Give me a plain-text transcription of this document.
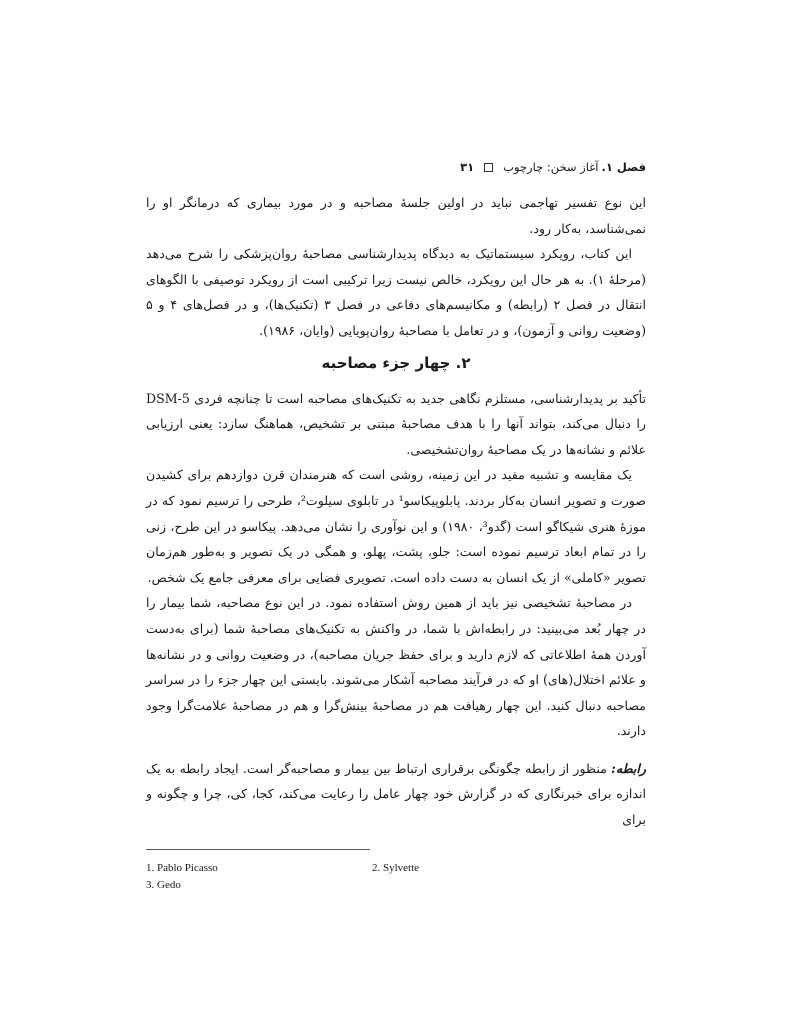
فصل ۱.
آغاز سخن: چارچوب
۳۱

این نوع تفسیر تهاجمی نباید در اولین جلسهٔ مصاحبه و در مورد بیماری که درمانگر او را نمی‌شناسد، به‌کار رود.

این کتاب، رویکرد سیستماتیک به دیدگاه پدیدارشناسی مصاحبهٔ روان‌پزشکی را شرح می‌دهد (مرحلهٔ ۱). به هر حال این رویکرد، خالص نیست زیرا ترکیبی است از رویکرد توصیفی با الگوهای انتقال در فصل ۲ (رابطه) و مکانیسم‌های دفاعی در فصل ۳ (تکنیک‌ها)، و در فصل‌های ۴ و ۵ (وضعیت روانی و آزمون)، و در تعامل با مصاحبهٔ روان‌پویایی (وایان، ۱۹۸۶).

۲. چهار جزء مصاحبه

تأکید بر پدیدارشناسی، مستلزم نگاهی جدید به تکنیک‌های مصاحبه است تا چنانچه فردی DSM-5 را دنبال می‌کند، بتواند آنها را با هدف مصاحبهٔ مبتنی بر تشخیص، هماهنگ سازد: یعنی ارزیابی علائم و نشانه‌ها در یک مصاحبهٔ روان‌تشخیصی.

یک مقایسه و تشبیه مفید در این زمینه، روشی است که هنرمندان قرن دوازدهم برای کشیدن صورت و تصویر انسان به‌کار بردند. پابلوپیکاسو¹ در تابلوی سیلوت²، طرحی را ترسیم نمود که در موزهٔ هنری شیکاگو است (گدو³، ۱۹۸۰) و این نوآوری را نشان می‌دهد. پیکاسو در این طرح، زنی را در تمام ابعاد ترسیم نموده است: جلو، پشت، پهلو، و همگی در یک تصویر و به‌طور هم‌زمان تصویر «کاملی» از یک انسان به دست داده است. تصویری فضایی برای معرفی جامع یک شخص.

در مصاحبهٔ تشخیصی نیز باید از همین روش استفاده نمود. در این نوع مصاحبه، شما بیمار را در چهار بُعد می‌بینید: در رابطه‌اش با شما، در واکنش به تکنیک‌های مصاحبهٔ شما (برای به‌دست آوردن همهٔ اطلاعاتی که لازم دارید و برای حفظ جریان مصاحبه)، در وضعیت روانی و در نشانه‌ها و علائم اختلال(های) او که در فرآیند مصاحبه آشکار می‌شوند. بایستی این چهار جزء را در سراسر مصاحبه دنبال کنید. این چهار رهیافت هم در مصاحبهٔ بینش‌گرا و هم در مصاحبهٔ علامت‌گرا وجود دارند.

رابطه: منظور از رابطه چگونگی برقراری ارتباط بین بیمار و مصاحبه‌گر است. ایجاد رابطه به یک اندازه برای خبرنگاری که در گزارش خود چهار عامل را رعایت می‌کند، کجا، کی، چرا و چگونه و برای

1. Pablo Picasso	2. Sylvette
3. Gedo
